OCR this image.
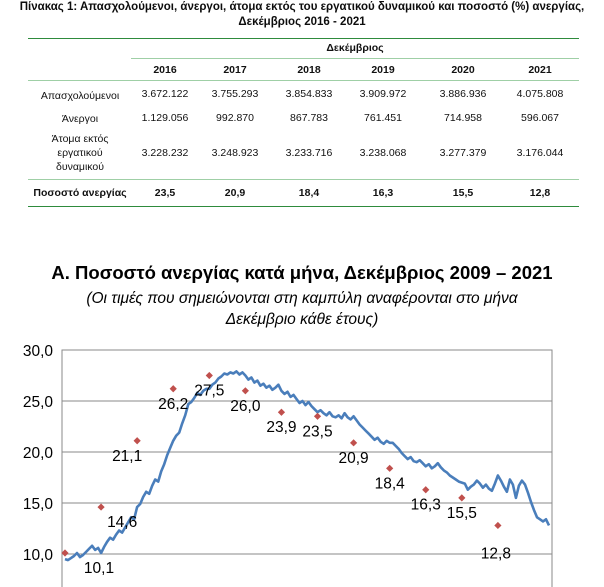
Πίνακας 1: Απασχολούμενοι, άνεργοι, άτομα εκτός του εργατικού δυναμικού και ποσοστό (%) ανεργίας,
Δεκέμβριος 2016 - 2021
Δεκέμβριος
2016	2017	2018	2019	2020	2021
Απασχολούμενοι	3.672.122	3.755.293	3.854.833	3.909.972	3.886.936	4.075.808
Άνεργοι	1.129.056	992.870	867.783	761.451	714.958	596.067
Άτομα εκτός
εργατικού
δυναμικού
3.228.232	3.248.923	3.233.716	3.238.068	3.277.379	3.176.044
Ποσοστό ανεργίας	23,5	20,9	18,4	16,3	15,5	12,8
Α. Ποσοστό ανεργίας κατά μήνα, Δεκέμβριος 2009 – 2021
(Οι τιμές που σημειώνονται στη καμπύλη αναφέρονται στο μήνα
Δεκέμβριο κάθε έτους)
10,0
15,0
20,0
25,0
30,0
10,1
14,6
21,1
26,2
27,5
26,0
23,9 23,5
20,9
18,4
16,3 15,5
12,8
